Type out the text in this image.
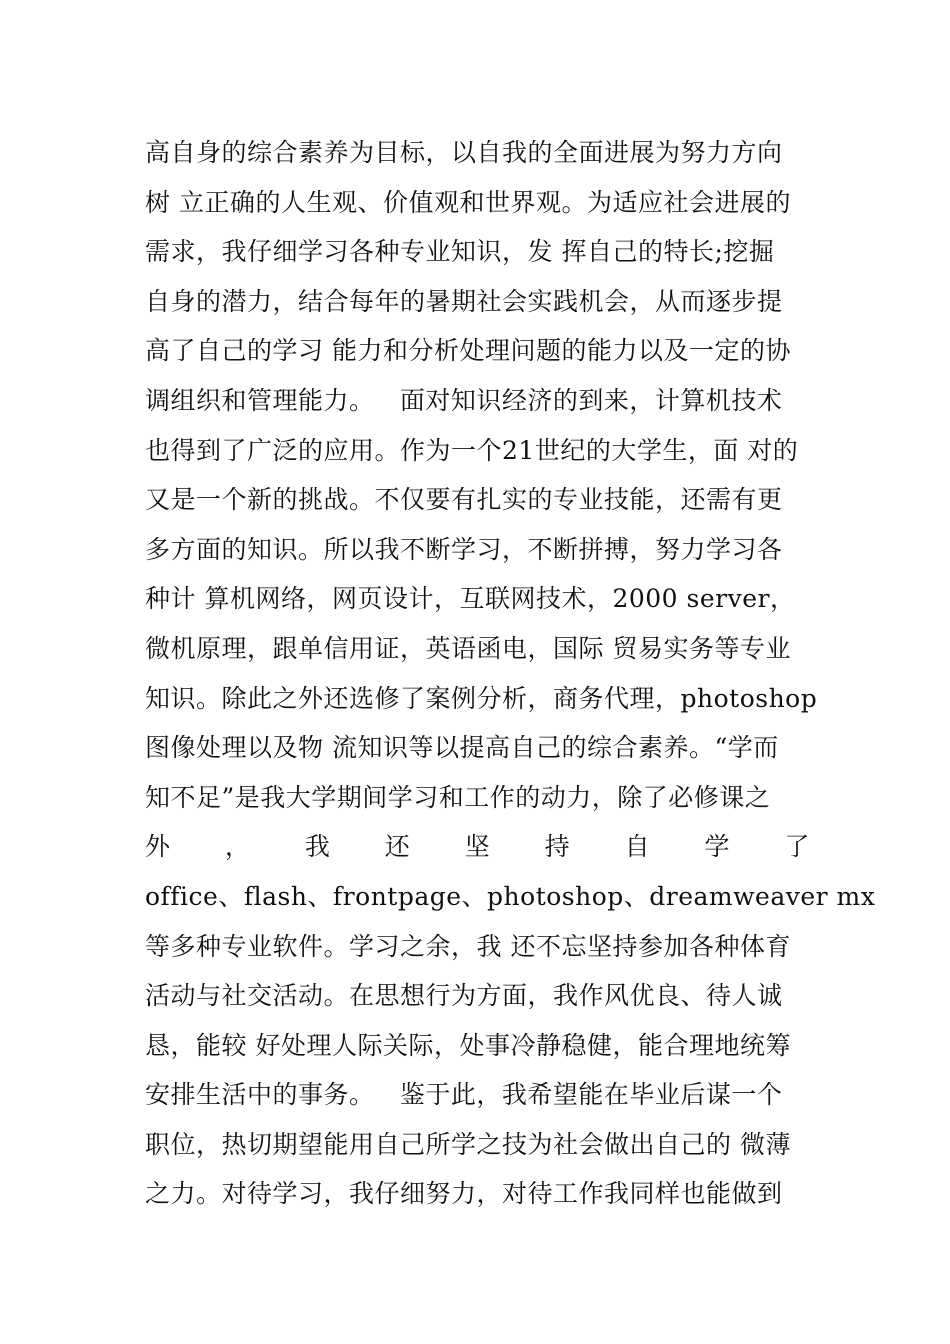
高自身的综合素养为目标，以自我的全面进展为努力方向
树 立正确的人生观、价值观和世界观。为适应社会进展的
需求，我仔细学习各种专业知识，发 挥自己的特长;挖掘
自身的潜力，结合每年的暑期社会实践机会，从而逐步提
高了自己的学习 能力和分析处理问题的能力以及一定的协
调组织和管理能力。   面对知识经济的到来，计算机技术
也得到了广泛的应用。作为一个21世纪的大学生，面 对的
又是一个新的挑战。不仅要有扎实的专业技能，还需有更
多方面的知识。所以我不断学习，不断拼搏，努力学习各
种计 算机网络，网页设计，互联网技术，2000 server，
微机原理，跟单信用证，英语函电，国际 贸易实务等专业
知识。除此之外还选修了案例分析，商务代理，photoshop
图像处理以及物 流知识等以提高自己的综合素养。“学而
知不足”是我大学期间学习和工作的动力，除了必修课之
外 ， 我 还 坚 持 自 学 了
office、flash、frontpage、photoshop、dreamweaver mx
等多种专业软件。学习之余，我 还不忘坚持参加各种体育
活动与社交活动。在思想行为方面，我作风优良、待人诚
恳，能较 好处理人际关际，处事冷静稳健，能合理地统筹
安排生活中的事务。   鉴于此，我希望能在毕业后谋一个
职位，热切期望能用自己所学之技为社会做出自己的 微薄
之力。对待学习，我仔细努力，对待工作我同样也能做到
